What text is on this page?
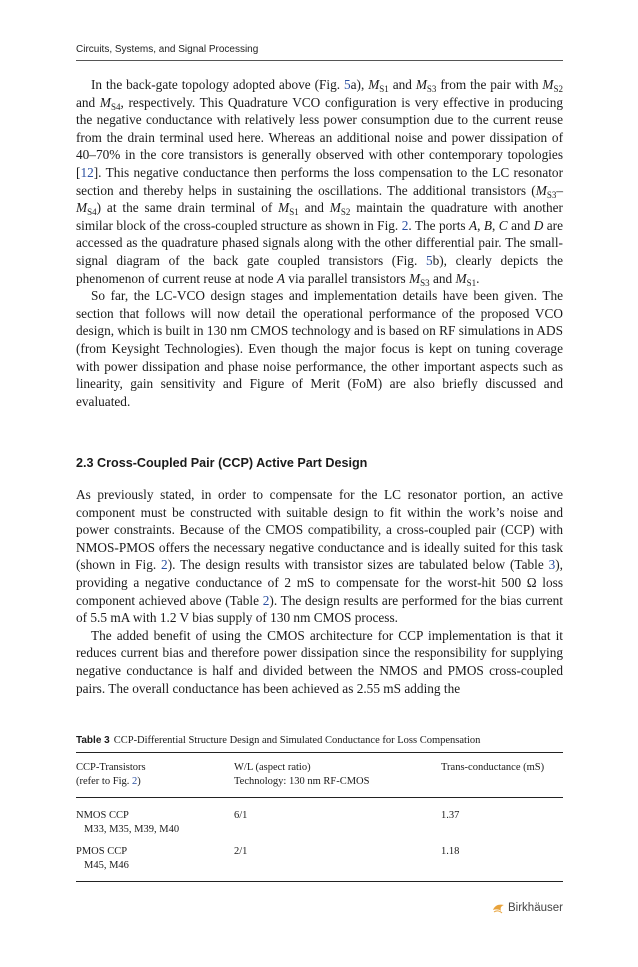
Circuits, Systems, and Signal Processing

In the back-gate topology adopted above (Fig. 5a), $M_{S1}$ and $M_{S3}$ from the pair with $M_{S2}$ and $M_{S4}$, respectively. This Quadrature VCO configuration is very effective in producing the negative conductance with relatively less power consumption due to the current reuse from the drain terminal used here. Whereas an additional noise and power dissipation of 40–70% in the core transistors is generally observed with other contemporary topologies [12]. This negative conductance then performs the loss compensation to the LC resonator section and thereby helps in sustaining the oscillations. The additional transistors $(M_{S3}-M_{S4})$ at the same drain terminal of $M_{S1}$ and $M_{S2}$ maintain the quadrature with another similar block of the cross-coupled structure as shown in Fig. 2. The ports A, B, C and D are accessed as the quadrature phased signals along with the other differential pair. The small-signal diagram of the back gate coupled transistors (Fig. 5b), clearly depicts the phenomenon of current reuse at node A via parallel transistors $M_{S3}$ and $M_{S1}$.

So far, the LC-VCO design stages and implementation details have been given. The section that follows will now detail the operational performance of the proposed VCO design, which is built in 130 nm CMOS technology and is based on RF simulations in ADS (from Keysight Technologies). Even though the major focus is kept on tuning coverage with power dissipation and phase noise performance, the other important aspects such as linearity, gain sensitivity and Figure of Merit (FoM) are also briefly discussed and evaluated.

2.3 Cross-Coupled Pair (CCP) Active Part Design

As previously stated, in order to compensate for the LC resonator portion, an active component must be constructed with suitable design to fit within the work’s noise and power constraints. Because of the CMOS compatibility, a cross-coupled pair (CCP) with NMOS-PMOS offers the necessary negative conductance and is ideally suited for this task (shown in Fig. 2). The design results with transistor sizes are tabulated below (Table 3), providing a negative conductance of 2 mS to compensate for the worst-hit 500 Ω loss component achieved above (Table 2). The design results are performed for the bias current of 5.5 mA with 1.2 V bias supply of 130 nm CMOS process.

The added benefit of using the CMOS architecture for CCP implementation is that it reduces current bias and therefore power dissipation since the responsibility for supplying negative conductance is half and divided between the NMOS and PMOS cross-coupled pairs. The overall conductance has been achieved as 2.55 mS adding the

Table 3 CCP-Differential Structure Design and Simulated Conductance for Loss Compensation
CCP-Transistors
(refer to Fig. 2)
W/L (aspect ratio)
Technology: 130 nm RF-CMOS
Trans-conductance (mS)
NMOS CCP

M33, M35, M39, M40
6/1	1.37
PMOS CCP

M45, M46
2/1	1.18
Birkhäuser
